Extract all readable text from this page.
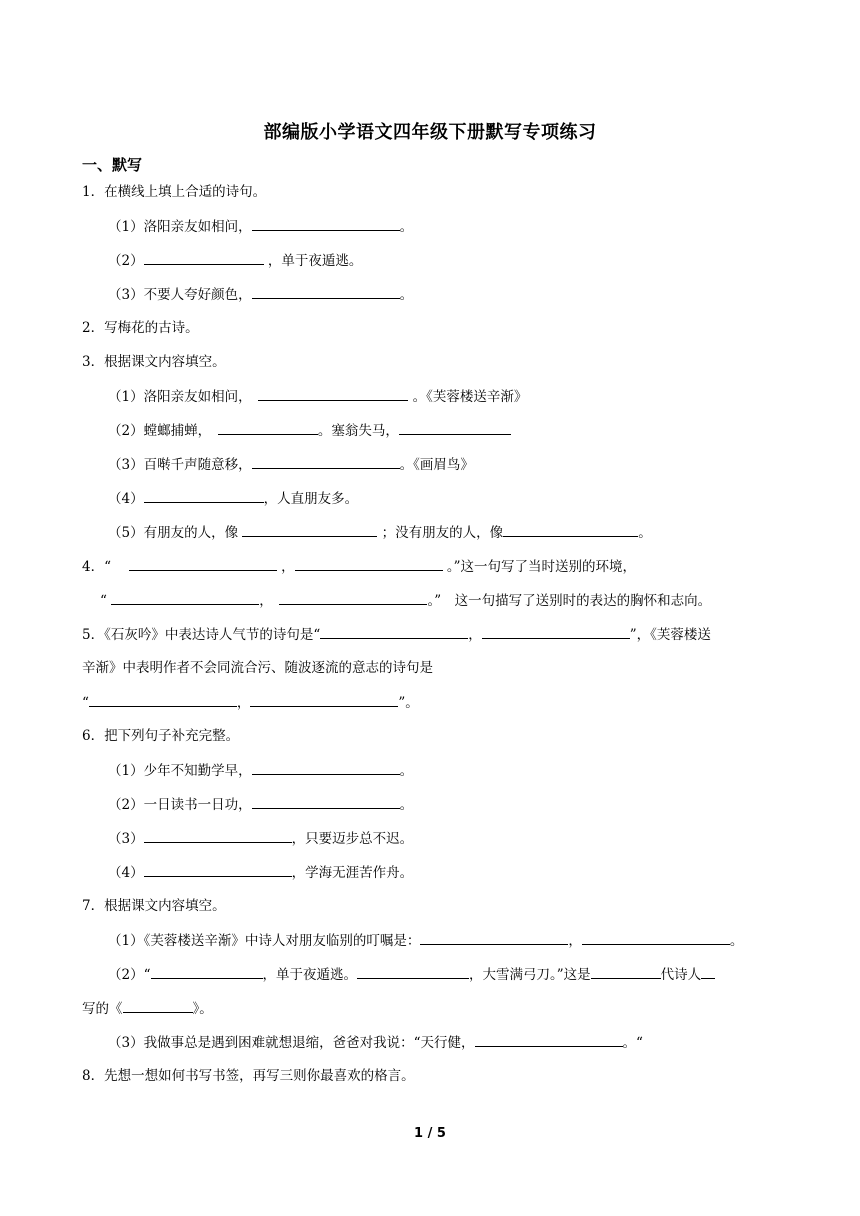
部编版小学语文四年级下册默写专项练习
一、默写
1．在横线上填上合适的诗句。
（1）洛阳亲友如相问，	。
（2）	，单于夜遁逃。
（3）不要人夸好颜色，	。
2．写梅花的古诗。
3．根据课文内容填空。
（1）洛阳亲友如相问，　	。《芙蓉楼送辛渐》
（2）螳螂捕蝉，　	。塞翁失马，
（3）百啭千声随意移，	。《画眉鸟》
（4）	，人直朋友多。
（5）有朋友的人，像	；没有朋友的人，像	。
4．“ 　	，	。”这一句写了当时送别的环境，
“	，　	。”　这一句描写了送别时的表达的胸怀和志向。
5．《石灰吟》中表达诗人气节的诗句是“	，	”，《芙蓉楼送
辛渐》中表明作者不会同流合污、随波逐流的意志的诗句是
“	，	”。
6．把下列句子补充完整。
（1）少年不知勤学早，	。
（2）一日读书一日功，	。
（3）	，只要迈步总不迟。
（4）	，学海无涯苦作舟。
7．根据课文内容填空。
（1）《芙蓉楼送辛渐》中诗人对朋友临别的叮嘱是：	，	。
（2）“	，单于夜遁逃。	，大雪满弓刀。”这是	代诗人
写的《	》。
（3）我做事总是遇到困难就想退缩，爸爸对我说：“天行健，	。“
8．先想一想如何书写书签，再写三则你最喜欢的格言。
1 / 5
